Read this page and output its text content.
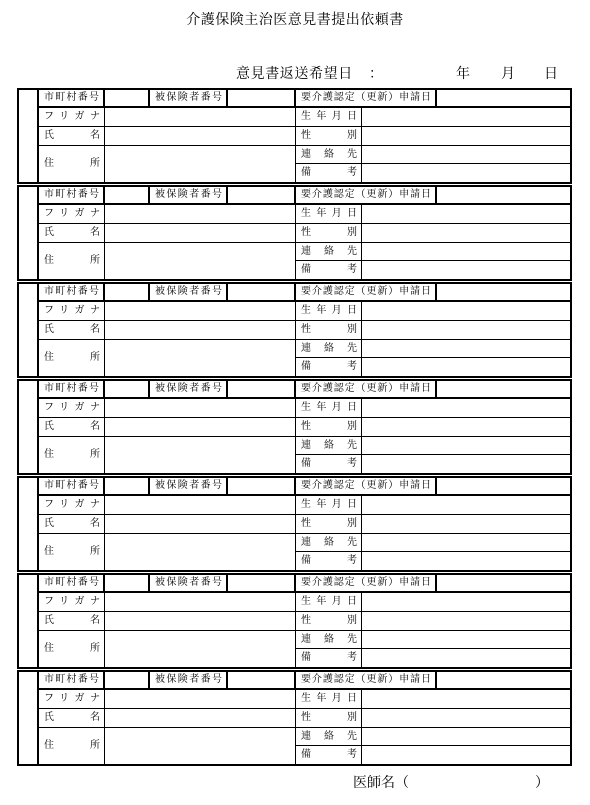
介護保険主治医意見書提出依頼書
意見書返送希望日 ：	年 月 日
市町村番号	被保険者番号	要介護認定（更新）申請日
フリガナ	生年月日
氏　　名	性　　別
住　　所
連　絡　先
備　　考
市町村番号	被保険者番号	要介護認定（更新）申請日
フリガナ	生年月日
氏　　名	性　　別
住　　所
連　絡　先
備　　考
市町村番号	被保険者番号	要介護認定（更新）申請日
フリガナ	生年月日
氏　　名	性　　別
住　　所
連　絡　先
備　　考
市町村番号	被保険者番号	要介護認定（更新）申請日
フリガナ	生年月日
氏　　名	性　　別
住　　所
連　絡　先
備　　考
市町村番号	被保険者番号	要介護認定（更新）申請日
フリガナ	生年月日
氏　　名	性　　別
住　　所
連　絡　先
備　　考
市町村番号	被保険者番号	要介護認定（更新）申請日
フリガナ	生年月日
氏　　名	性　　別
住　　所
連　絡　先
備　　考
市町村番号	被保険者番号	要介護認定（更新）申請日
フリガナ	生年月日
氏　　名	性　　別
住　　所
連　絡　先
備　　考
医師名 （	）
